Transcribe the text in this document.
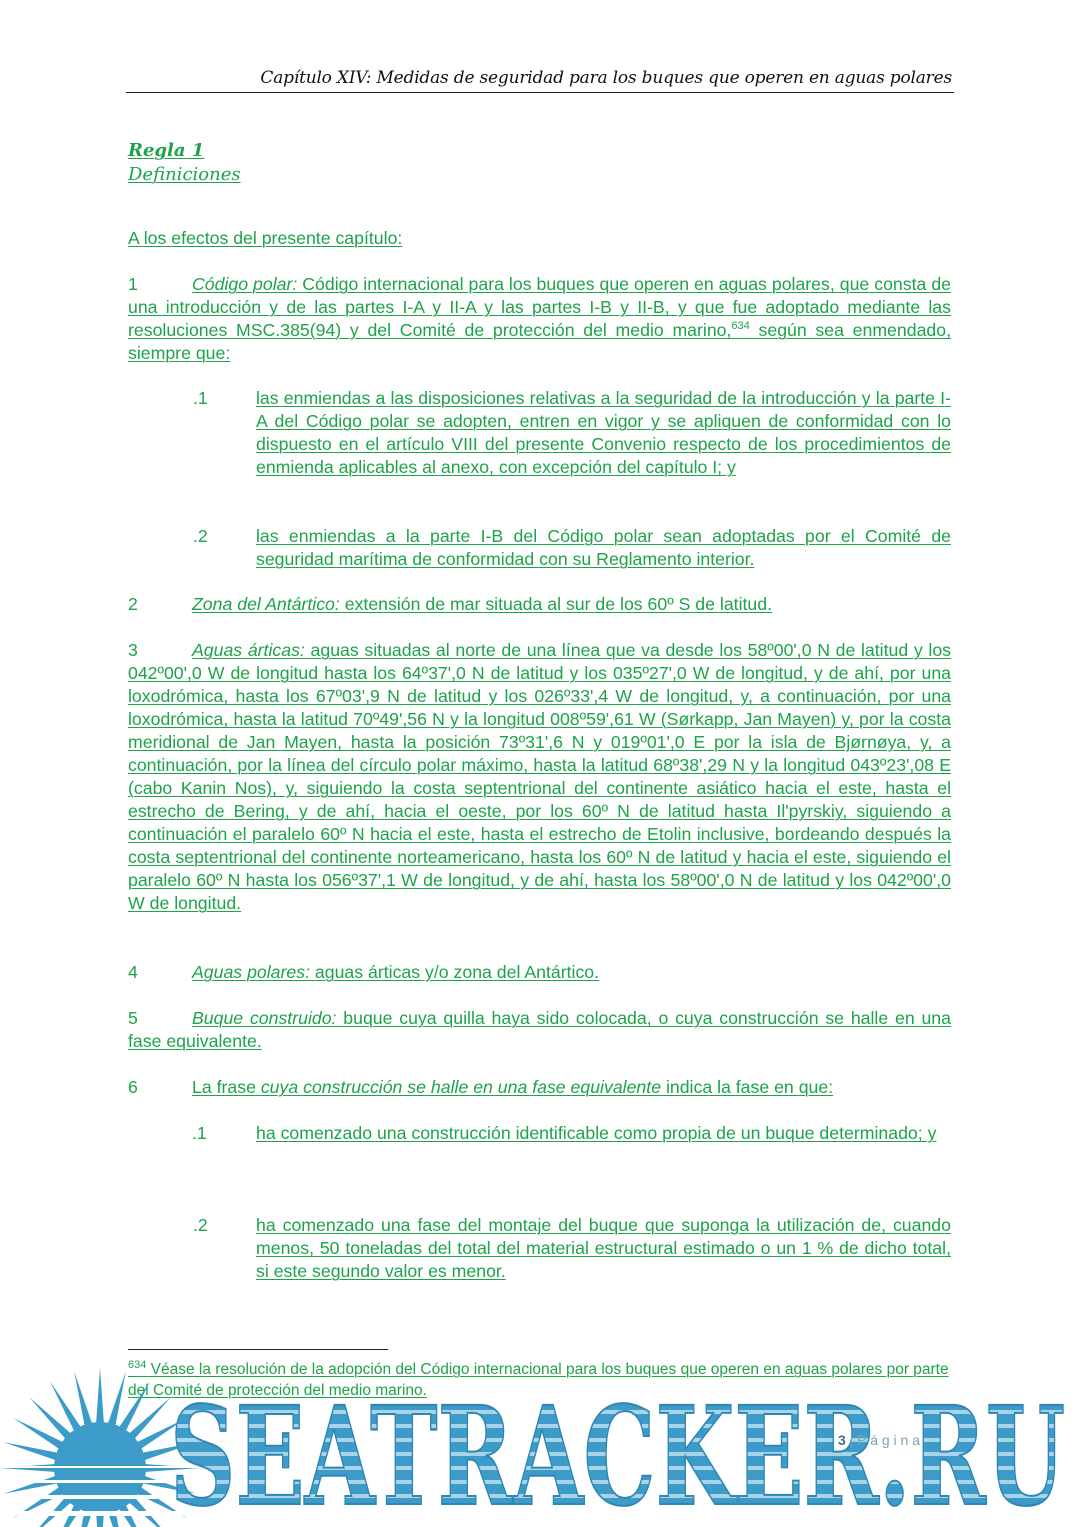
Capítulo XIV: Medidas de seguridad para los buques que operen en aguas polares
Regla 1
Definiciones
A los efectos del presente capítulo:
1	Código polar: Código internacional para los buques que operen en aguas polares, que consta de una introducción y de las partes I-A y II-A y las partes I-B y II-B, y que fue adoptado mediante las resoluciones MSC.385(94) y del Comité de protección del medio marino,$^{634}$ según sea enmendado, siempre que:
.1	las enmiendas a las disposiciones relativas a la seguridad de la introducción y la parte I-A del Código polar se adopten, entren en vigor y se apliquen de conformidad con lo dispuesto en el artículo VIII del presente Convenio respecto de los procedimientos de enmienda aplicables al anexo, con excepción del capítulo I; y
.2	las enmiendas a la parte I-B del Código polar sean adoptadas por el Comité de seguridad marítima de conformidad con su Reglamento interior.
2	Zona del Antártico: extensión de mar situada al sur de los 60º S de latitud.
3	Aguas árticas: aguas situadas al norte de una línea que va desde los 58º00',0 N de latitud y los 042º00',0 W de longitud hasta los 64º37',0 N de latitud y los 035º27',0 W de longitud, y de ahí, por una loxodrómica, hasta los 67º03',9 N de latitud y los 026º33',4 W de longitud, y, a continuación, por una loxodrómica, hasta la latitud 70º49',56 N y la longitud 008º59',61 W (Sørkapp, Jan Mayen) y, por la costa meridional de Jan Mayen, hasta la posición 73º31',6 N y 019º01',0 E por la isla de Bjørnøya, y, a continuación, por la línea del círculo polar máximo, hasta la latitud 68º38',29 N y la longitud 043º23',08 E (cabo Kanin Nos), y, siguiendo la costa septentrional del continente asiático hacia el este, hasta el estrecho de Bering, y de ahí, hacia el oeste, por los 60º N de latitud hasta Il'pyrskiy, siguiendo a continuación el paralelo 60º N hacia el este, hasta el estrecho de Etolin inclusive, bordeando después la costa septentrional del continente norteamericano, hasta los 60º N de latitud y hacia el este, siguiendo el paralelo 60º N hasta los 056º37',1 W de longitud, y de ahí, hasta los 58º00',0 N de latitud y los 042º00',0 W de longitud.
4	Aguas polares: aguas árticas y/o zona del Antártico.
5	Buque construido: buque cuya quilla haya sido colocada, o cuya construcción se halle en una fase equivalente.
6	La frase cuya construcción se halle en una fase equivalente indica la fase en que:
.1	ha comenzado una construcción identificable como propia de un buque determinado; y
.2	ha comenzado una fase del montaje del buque que suponga la utilización de, cuando menos, 50 toneladas del total del material estructural estimado o un 1 % de dicho total, si este segundo valor es menor.
$^{634}$ Véase la resolución de la adopción del Código internacional para los buques que operen en aguas polares por parte del Comité de protección del medio marino.
SEATRACKER.RU
3 | P á g i n a
